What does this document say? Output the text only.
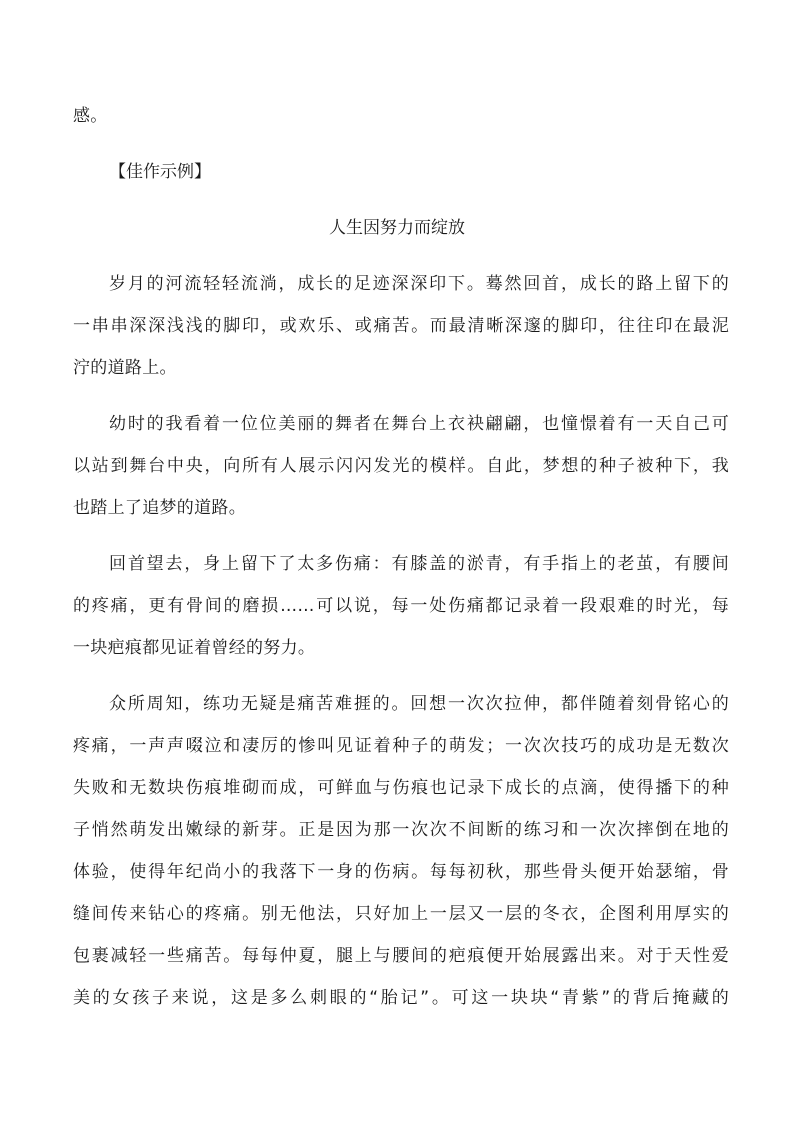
感。
【佳作示例】
人生因努力而绽放
岁月的河流轻轻流淌，成长的足迹深深印下。蓦然回首，成长的路上留下的
一串串深深浅浅的脚印，或欢乐、或痛苦。而最清晰深邃的脚印，往往印在最泥
泞的道路上。
幼时的我看着一位位美丽的舞者在舞台上衣袂翩翩，也憧憬着有一天自己可
以站到舞台中央，向所有人展示闪闪发光的模样。自此，梦想的种子被种下，我
也踏上了追梦的道路。
回首望去，身上留下了太多伤痛：有膝盖的淤青，有手指上的老茧，有腰间
的疼痛，更有骨间的磨损……可以说，每一处伤痛都记录着一段艰难的时光，每
一块疤痕都见证着曾经的努力。
众所周知，练功无疑是痛苦难捱的。回想一次次拉伸，都伴随着刻骨铭心的
疼痛，一声声啜泣和凄厉的惨叫见证着种子的萌发；一次次技巧的成功是无数次
失败和无数块伤痕堆砌而成，可鲜血与伤痕也记录下成长的点滴，使得播下的种
子悄然萌发出嫩绿的新芽。正是因为那一次次不间断的练习和一次次摔倒在地的
体验，使得年纪尚小的我落下一身的伤病。每每初秋，那些骨头便开始瑟缩，骨
缝间传来钻心的疼痛。别无他法，只好加上一层又一层的冬衣，企图利用厚实的
包裹减轻一些痛苦。每每仲夏，腿上与腰间的疤痕便开始展露出来。对于天性爱
美的女孩子来说，这是多么刺眼的“胎记”。可这一块块“青紫”的背后掩藏的
